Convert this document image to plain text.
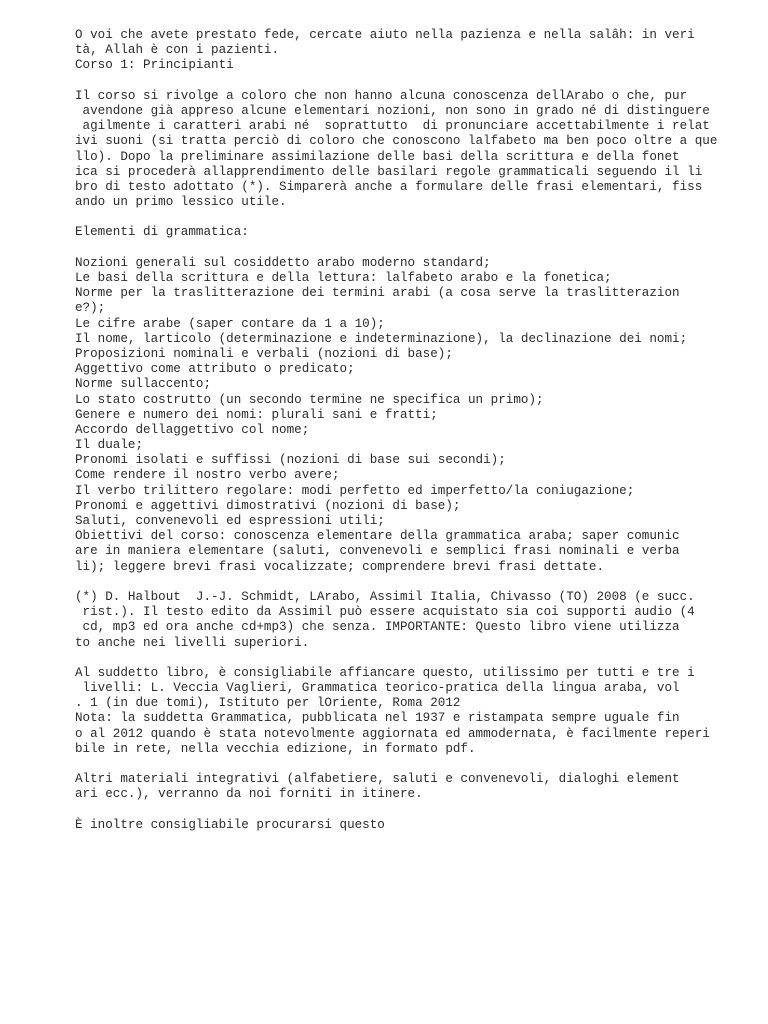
O voi che avete prestato fede, cercate aiuto nella pazienza e nella salâh: in veri
tà, Allah è con i pazienti.
Corso 1: Principianti
Il corso si rivolge a coloro che non hanno alcuna conoscenza dellArabo o che, pur
avendone già appreso alcune elementari nozioni, non sono in grado né di distinguere
agilmente i caratteri arabi né  soprattutto  di pronunciare accettabilmente i relat
ivi suoni (si tratta perciò di coloro che conoscono lalfabeto ma ben poco oltre a que
llo). Dopo la preliminare assimilazione delle basi della scrittura e della fonet
ica si procederà allapprendimento delle basilari regole grammaticali seguendo il li
bro di testo adottato (*). Simparerà anche a formulare delle frasi elementari, fiss
ando un primo lessico utile.
Elementi di grammatica:
Nozioni generali sul cosiddetto arabo moderno standard;
Le basi della scrittura e della lettura: lalfabeto arabo e la fonetica;
Norme per la traslitterazione dei termini arabi (a cosa serve la traslitterazion
e?);
Le cifre arabe (saper contare da 1 a 10);
Il nome, larticolo (determinazione e indeterminazione), la declinazione dei nomi;
Proposizioni nominali e verbali (nozioni di base);
Aggettivo come attributo o predicato;
Norme sullaccento;
Lo stato costrutto (un secondo termine ne specifica un primo);
Genere e numero dei nomi: plurali sani e fratti;
Accordo dellaggettivo col nome;
Il duale;
Pronomi isolati e suffissi (nozioni di base sui secondi);
Come rendere il nostro verbo avere;
Il verbo trilittero regolare: modi perfetto ed imperfetto/la coniugazione;
Pronomi e aggettivi dimostrativi (nozioni di base);
Saluti, convenevoli ed espressioni utili;
Obiettivi del corso: conoscenza elementare della grammatica araba; saper comunic
are in maniera elementare (saluti, convenevoli e semplici frasi nominali e verba
li); leggere brevi frasi vocalizzate; comprendere brevi frasi dettate.
(*) D. Halbout  J.-J. Schmidt, LArabo, Assimil Italia, Chivasso (TO) 2008 (e succ.
rist.). Il testo edito da Assimil può essere acquistato sia coi supporti audio (4
cd, mp3 ed ora anche cd+mp3) che senza. IMPORTANTE: Questo libro viene utilizza
to anche nei livelli superiori.
Al suddetto libro, è consigliabile affiancare questo, utilissimo per tutti e tre i
livelli: L. Veccia Vaglieri, Grammatica teorico-pratica della lingua araba, vol
. 1 (in due tomi), Istituto per lOriente, Roma 2012
Nota: la suddetta Grammatica, pubblicata nel 1937 e ristampata sempre uguale fin
o al 2012 quando è stata notevolmente aggiornata ed ammodernata, è facilmente reperi
bile in rete, nella vecchia edizione, in formato pdf.
Altri materiali integrativi (alfabetiere, saluti e convenevoli, dialoghi element
ari ecc.), verranno da noi forniti in itinere.
È inoltre consigliabile procurarsi questo
